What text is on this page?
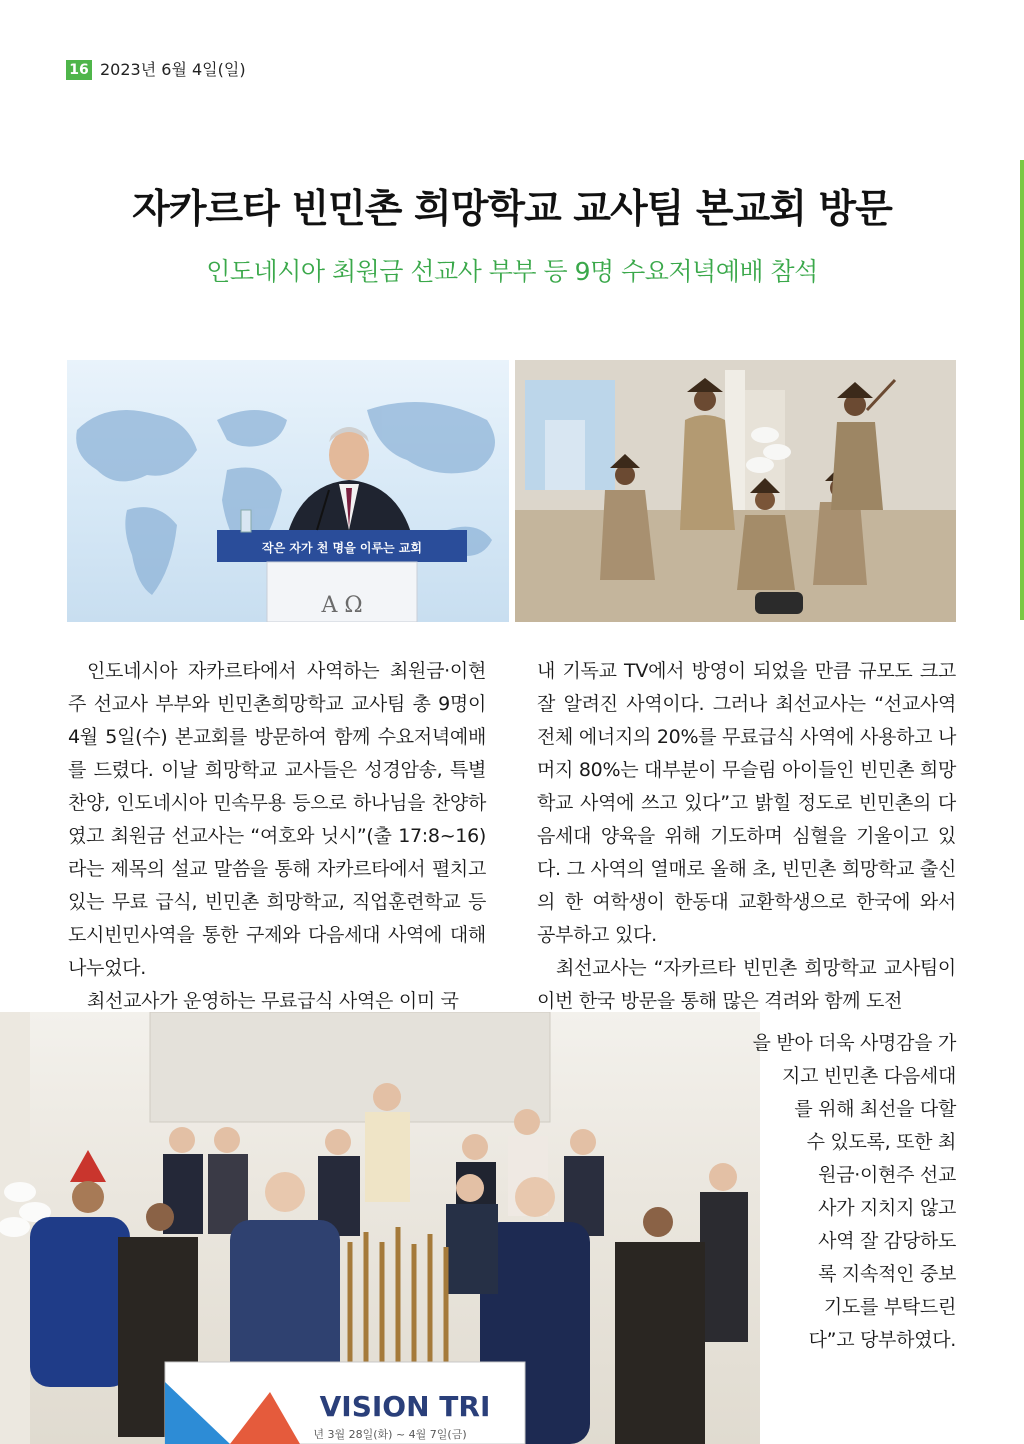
16 2023년 6월 4일(일)
자카르타 빈민촌 희망학교 교사팀 본교회 방문
인도네시아 최원금 선교사 부부 등 9명 수요저녁예배 참석
작은 자가 천 명을 이루는 교회
A Ω
VISION TRI
년 3월 28일(화) ~ 4월 7일(금)

인도네시아 자카르타에서 사역하는 최원금·이현주 선교사 부부와 빈민촌희망학교 교사팀 총 9명이 4월 5일(수) 본교회를 방문하여 함께 수요저녁예배를 드렸다. 이날 희망학교 교사들은 성경암송, 특별찬양, 인도네시아 민속무용 등으로 하나님을 찬양하였고 최원금 선교사는 “여호와 닛시”(출 17:8~16)라는 제목의 설교 말씀을 통해 자카르타에서 펼치고 있는 무료 급식, 빈민촌 희망학교, 직업훈련학교 등 도시빈민사역을 통한 구제와 다음세대 사역에 대해 나누었다.

최선교사가 운영하는 무료급식 사역은 이미 국

내 기독교 TV에서 방영이 되었을 만큼 규모도 크고 잘 알려진 사역이다. 그러나 최선교사는 “선교사역 전체 에너지의 20%를 무료급식 사역에 사용하고 나머지 80%는 대부분이 무슬림 아이들인 빈민촌 희망학교 사역에 쓰고 있다”고 밝힐 정도로 빈민촌의 다음세대 양육을 위해 기도하며 심혈을 기울이고 있다. 그 사역의 열매로 올해 초, 빈민촌 희망학교 출신의 한 여학생이 한동대 교환학생으로 한국에 와서 공부하고 있다.

최선교사는 “자카르타 빈민촌 희망학교 교사팀이 이번 한국 방문을 통해 많은 격려와 함께 도전

을 받아 더욱 사명감을 가
지고 빈민촌 다음세대
를 위해 최선을 다할
수 있도록, 또한 최
원금·이현주 선교
사가 지치지 않고
사역 잘 감당하도
록 지속적인 중보
기도를 부탁드린
다”고 당부하였다.
